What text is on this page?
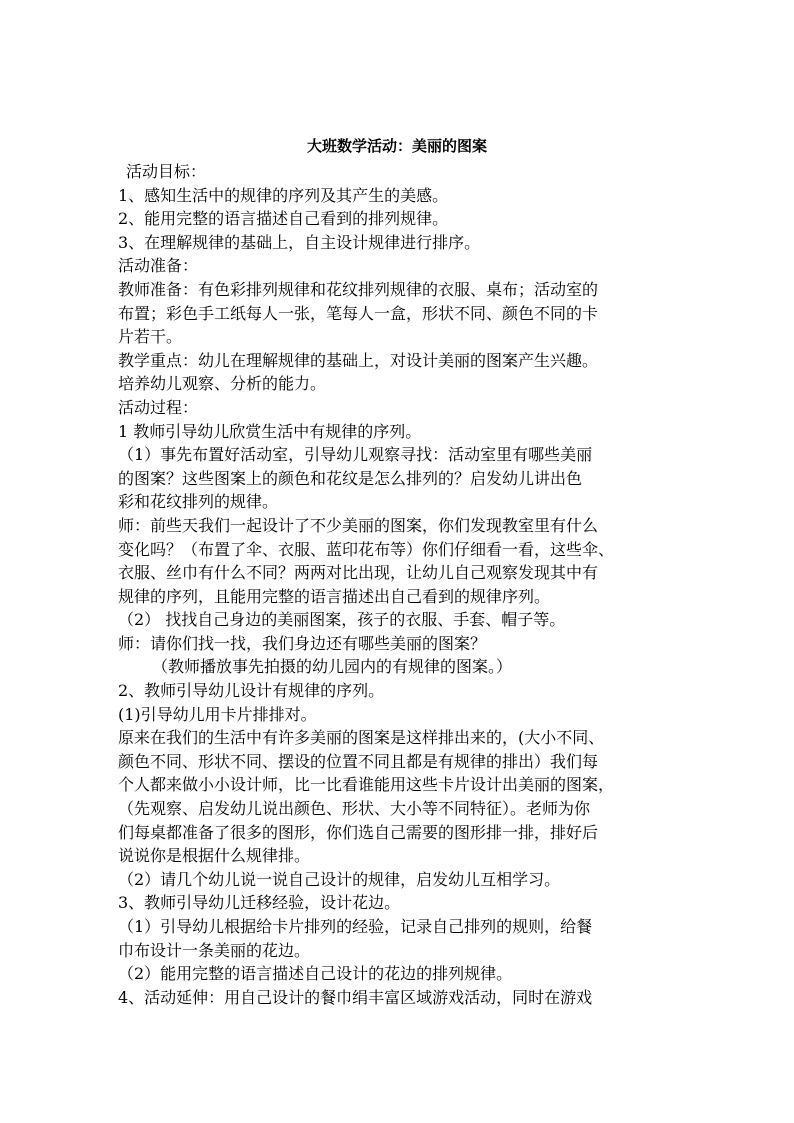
大班数学活动：美丽的图案
活动目标：
1、感知生活中的规律的序列及其产生的美感。
2、能用完整的语言描述自己看到的排列规律。
3、在理解规律的基础上，自主设计规律进行排序。
活动准备：
教师准备：有色彩排列规律和花纹排列规律的衣服、桌布；活动室的
布置；彩色手工纸每人一张，笔每人一盒，形状不同、颜色不同的卡
片若干。
教学重点：幼儿在理解规律的基础上，对设计美丽的图案产生兴趣。
培养幼儿观察、分析的能力。
活动过程：
1 教师引导幼儿欣赏生活中有规律的序列。
（1）事先布置好活动室，引导幼儿观察寻找：活动室里有哪些美丽
的图案？这些图案上的颜色和花纹是怎么排列的？启发幼儿讲出色
彩和花纹排列的规律。
师：前些天我们一起设计了不少美丽的图案，你们发现教室里有什么
变化吗？（布置了伞、衣服、蓝印花布等）你们仔细看一看，这些伞、
衣服、丝巾有什么不同？两两对比出现，让幼儿自己观察发现其中有
规律的序列，且能用完整的语言描述出自己看到的规律序列。
（2） 找找自己身边的美丽图案，孩子的衣服、手套、帽子等。
师：请你们找一找，我们身边还有哪些美丽的图案？
（教师播放事先拍摄的幼儿园内的有规律的图案。）
2、教师引导幼儿设计有规律的序列。
(1)引导幼儿用卡片排排对。
原来在我们的生活中有许多美丽的图案是这样排出来的，(大小不同、
颜色不同、形状不同、摆设的位置不同且都是有规律的排出）我们每
个人都来做小小设计师，比一比看谁能用这些卡片设计出美丽的图案，
（先观察、启发幼儿说出颜色、形状、大小等不同特征）。老师为你
们每桌都准备了很多的图形，你们选自己需要的图形排一排，排好后
说说你是根据什么规律排。
（2）请几个幼儿说一说自己设计的规律，启发幼儿互相学习。
3、教师引导幼儿迁移经验，设计花边。
（1）引导幼儿根据给卡片排列的经验，记录自己排列的规则，给餐
巾布设计一条美丽的花边。
（2）能用完整的语言描述自己设计的花边的排列规律。
4、活动延伸：用自己设计的餐巾绢丰富区域游戏活动，同时在游戏
